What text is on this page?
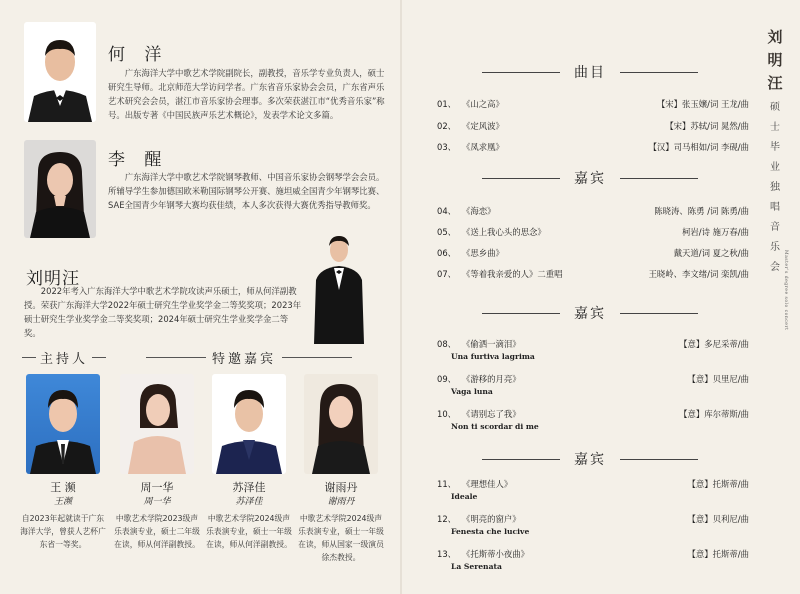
何 洋
广东海洋大学中歌艺术学院副院长，副教授，音乐学专业负责人，硕士研究生导师。北京师范大学访问学者。广东省音乐家协会会员，广东省声乐艺术研究会会员，湛江市音乐家协会理事。多次荣获湛江市“优秀音乐家”称号。出版专著《中国民族声乐艺术概论》，发表学术论文多篇。
李 醒
广东海洋大学中歌艺术学院钢琴教师、中国音乐家协会钢琴学会会员。所辅导学生参加德国欧米勒国际钢琴公开赛、施坦威全国青少年钢琴比赛、SAE全国青少年钢琴大赛均获佳绩，本人多次获得大赛优秀指导教师奖。
刘明汪
2022年考入广东海洋大学中歌艺术学院攻读声乐硕士，师从何洋副教授。荣获广东海洋大学2022年硕士研究生学业奖学金二等奖奖项；2023年硕士研究生学业奖学金二等奖奖项；2024年硕士研究生学业奖学金二等奖。
主持人	特邀嘉宾
王 濒
王濒
自2023年起就读于广东海洋大学，曾获人艺杯广东省一等奖。
周一华
周一华
中歌艺术学院2023级声乐表演专业，硕士二年级在读，师从何洋副教授。
苏泽佳
苏泽佳
中歌艺术学院2024级声乐表演专业，硕士一年级在读，师从何洋副教授。
谢雨丹
谢雨丹
中歌艺术学院2024级声乐表演专业，硕士一年级在读，师从国家一级演员徐杰教授。
刘明汪
硕士毕业独唱音乐会 Master's degree solo concert
曲目
嘉宾
嘉宾
嘉宾
01、 《山之高》	【宋】张玉嬢/词 王龙/曲
02、 《定风波》	【宋】苏轼/词 晁然/曲
03、 《凤求凰》	【汉】司马相如/词 李砚/曲
04、 《海恋》	陈晓涛、陈勇 /词 陈勇/曲
05、 《送上我心头的思念》	柯岩/诗 施万春/曲
06、 《思乡曲》	戴天道/词 夏之秋/曲
07、 《等着我亲爱的人》二重唱	王晓岭、李文绪/词 栾凯/曲
08、 《偷洒一滴泪》
Una furtiva lagrima
【意】多尼采蒂/曲
09、 《游移的月亮》
Vaga luna
【意】贝里尼/曲
10、 《请别忘了我》
Non ti scordar di me
【意】库尔蒂斯/曲
11、 《理想佳人》
Ideale
【意】托斯蒂/曲
12、 《明亮的窗户》
Fenesta che lucive
【意】贝利尼/曲
13、 《托斯蒂小夜曲》
La Serenata
【意】托斯蒂/曲
